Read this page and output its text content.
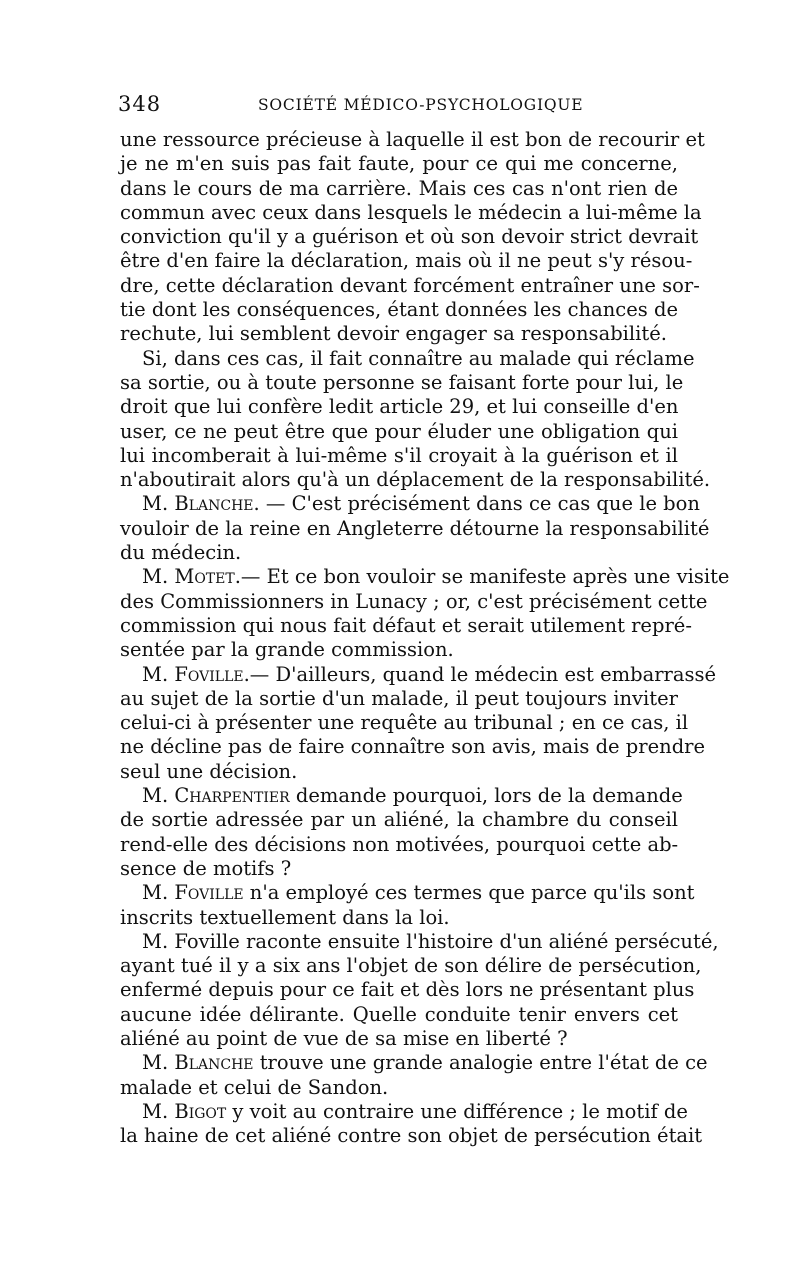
348	SOCIÉTÉ MÉDICO-PSYCHOLOGIQUE
une ressource précieuse à laquelle il est bon de recourir et
je ne m'en suis pas fait faute, pour ce qui me concerne,
dans le cours de ma carrière. Mais ces cas n'ont rien de
commun avec ceux dans lesquels le médecin a lui-même la
conviction qu'il y a guérison et où son devoir strict devrait
être d'en faire la déclaration, mais où il ne peut s'y résou-
dre, cette déclaration devant forcément entraîner une sor-
tie dont les conséquences, étant données les chances de
rechute, lui semblent devoir engager sa responsabilité.
Si, dans ces cas, il fait connaître au malade qui réclame
sa sortie, ou à toute personne se faisant forte pour lui, le
droit que lui confère ledit article 29, et lui conseille d'en
user, ce ne peut être que pour éluder une obligation qui
lui incomberait à lui-même s'il croyait à la guérison et il
n'aboutirait alors qu'à un déplacement de la responsabilité.
M. Blanche. — C'est précisément dans ce cas que le bon
vouloir de la reine en Angleterre détourne la responsabilité
du médecin.
M. Motet.— Et ce bon vouloir se manifeste après une visite
des Commissionners in Lunacy ; or, c'est précisément cette
commission qui nous fait défaut et serait utilement repré-
sentée par la grande commission.
M. Foville.— D'ailleurs, quand le médecin est embarrassé
au sujet de la sortie d'un malade, il peut toujours inviter
celui-ci à présenter une requête au tribunal ; en ce cas, il
ne décline pas de faire connaître son avis, mais de prendre
seul une décision.
M. Charpentier demande pourquoi, lors de la demande
de sortie adressée par un aliéné, la chambre du conseil
rend-elle des décisions non motivées, pourquoi cette ab-
sence de motifs ?
M. Foville n'a employé ces termes que parce qu'ils sont
inscrits textuellement dans la loi.
M. Foville raconte ensuite l'histoire d'un aliéné persécuté,
ayant tué il y a six ans l'objet de son délire de persécution,
enfermé depuis pour ce fait et dès lors ne présentant plus
aucune idée délirante. Quelle conduite tenir envers cet
aliéné au point de vue de sa mise en liberté ?
M. Blanche trouve une grande analogie entre l'état de ce
malade et celui de Sandon.
M. Bigot y voit au contraire une différence ; le motif de
la haine de cet aliéné contre son objet de persécution était
